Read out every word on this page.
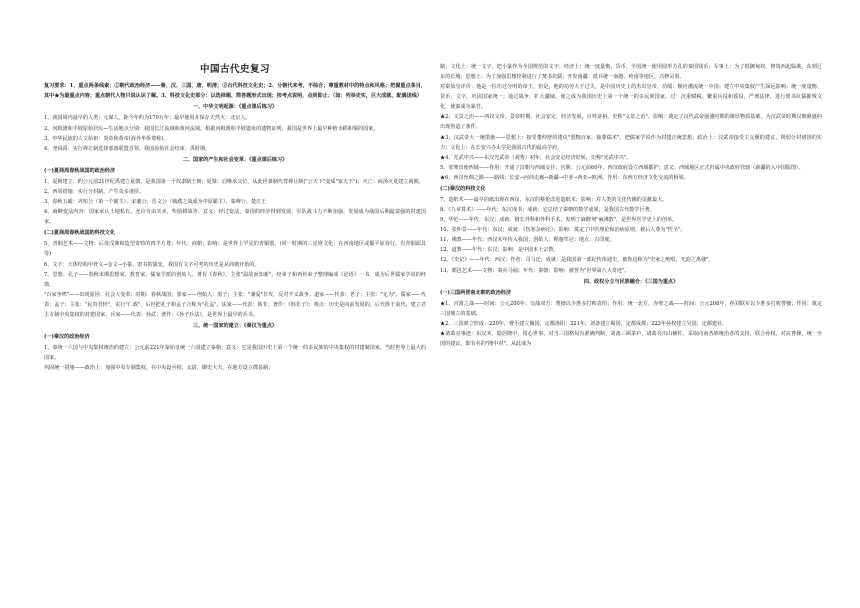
中国古代史复习

复习要求：1、重点两条线索：①朝代政治经济——秦、汉、三国、唐、明清；②古代科技文化史；2、分朝代来考，不综合；尊重教材中的特点和风格；把握重点条目，其中★为最重点内容；重点朝代人物只说认识了解。3、科技文化史部分：以选择题、简答题形式出现；按考点说明，点到即止；（如：列举史实，巨大成就、配偶送线）

一、中华文明起源：《重点课后练习》

1、我国境内最早的人类：元谋人，距今年约为170万年；最早使用并保存天然火：北京人。

2、河姆渡和半坡原始居民—生活地点分别：我国长江流域和黄河流域。根据河姆渡和半坡遗址的遗物证明，我国是世界上最早种植水稻和粟的国家。

3、中华民族的人文始祖：炎帝和黄帝(海外华侨尊称)。

4、尧舜禹：实行禅让制选择部落联盟首领。我国原始社会结束：禹时期。

二、国家的产生和社会变革：《重点课后练习》
(一)夏商周春秋战国的政治经济

1、夏朝建立：约公元前21世纪禹建立夏朝，是我国第一个奴隶制王朝；夏桀：启继承父位，从此世袭制代替禅让制("公天下"变成"家天下")；灭亡：商汤灭夏建立商朝。

2、西周措施：实行分封制，产生众多诸侯。

3、春秋五霸：齐桓公（第一个霸主）、宋襄公、晋文公（城濮之战成为中原霸主）、秦穆公、楚庄王

4、商鞅变法内容：国家承认土地私有，允许自由买卖，奖励耕战等。意义：经过变法，秦国的经济得到发展，军队战斗力不断加强，发展成为战国后期最富强的封建国家。

(二)夏商周春秋战国的科技文化

5、青铜艺术——文物：后母戊鼎和造型奇特的四羊方尊；年代：商朝；影响：是世界上罕见的青铜器。(同一时期的三星堆文化：在西南地区或都平原春行，有青铜面具等)

6、文字：大体结构甲骨文→金文→小篆、隶书的演变。我国有文字可考的历史是从商朝开始的。

7、思想：孔子——春秋末期思想家、教育家，儒家学派的创始人。著有《春秋》，主张"温故而知新"，经弟子和再传弟子整理编成《论语》一书，成为后世儒家学说的经典。

"百家争鸣"——出现原因：社会大变革；时期：春秋战国；墨家——创始人：墨子；主张："兼爱"非攻，反对不义战争。道家——代表：老子；主张："无为"。儒家——代表：孟子；主张："民贵君轻"，实行"仁政"，后世把孔子和孟子合称为"孔孟"。法家——代表：韩非；著作：《韩非子》；观点：历史是向前发展的，后代胜于前代，建立君主专制中央集权的封建国家。兵家——代表：孙武；著作：《孙子兵法》，是世界上最早的兵书。

三、统一国家的建立：《秦汉为重点》
(一)秦汉的政治经济

1、秦统一六国与中央集权统治的建立：公元前221年秦始皇统一六国建立秦朝；意义：它是我国历史上第一个统一的多民族的中央集权的封建制国家，当时世界上最大的国家。

巩固统一措施——政治上：加强中央专制集权，在中央设丞相、太尉、御史大夫，在地方设立郡县制；

制；文化上：统一文字，把小篆作为全国规范的文字；经济上：统一度量衡、货币、全国统一使用圆形方孔的秦国钱币；军事上：为了抵御匈奴，修筑西起临洮，东到辽东的长城；思想上：为了加强思想控制进行了焚书坑儒；开发南疆：派兵统一南越，岭南等地区，兴修灵渠。

对秦始皇评价：他是一位功过分明的帝王。但是，他的功劳大于过失，是中国历史上的杰出皇帝。功绩：顺应潮流统一中国；建立中央集权产生深远影响；统一度量衡、货币、文字，巩固国家统一；通过战争，扩大疆域，使之成为我国历史上第一个统一的多民族国家。过：沉重赋税、繁重兵役和徭役，严刑法律，进行焚书坑儒摧残文化，使秦成为暴君。

★2、文景之治——西汉文帝、景帝时期，社会安定、经济发展，百姓富裕，史称"文景之治"。影响：奠定了汉代武帝强盛时期的雄厚物质基础，为汉武帝时期汉朝鼎盛的出现创造了条件。

★3、汉武帝大一统措施——思想上：接受董仲舒的建议"罢黜百家，独尊儒术"，把儒家学说作为封建正统思想；政治上：汉武帝接受主父偃的建议，削弱分封诸国的实力；文化上：在长安兴办太学是我国古代的最高学府。

★4、光武中兴——东汉光武帝（刘秀）初年，社会安定经济好转，史称"光武中兴"。

5、张骞出使西域——作用：开通了汉朝与西域交往；官职：公元前60年，西汉政府设立西域都护；意义：西域地区正式归属中央政府管辖（新疆的入中国版图）。

★6、西汉丝绸之路——路线：长安→河西走廊→新疆→中亚→西亚→欧洲。作用：东西方经济文化交流的桥梁。

(二)秦汉的科技文化

7、造纸术——最早的纸出现在西汉，东汉的蔡伦改进造纸术；影响：对人类的文化传播的贡献最大。

8、《九章算术》——年代：东汉成书；成就：它总结了秦朝的数学成果，是我国古代数学巨著。

9、华佗——年代：东汉；成就：擅长外科和外科手术，发明了麻醉剂"麻沸散"，是世界医学史上的创举。

10、张仲景——年代：东汉；成就：《伤寒杂病论》；影响：奠定了中医理论和治病原则，被后人尊为"医圣"。

11、佛教——年代：西汉末年传入我国；创始人：释迦牟尼；地点：古印度。

12、道教——年代：东汉；影响：是中国本土宗教。

12、《史记》——年代：西汉；作者：司马迁；成就：是我国第一部纪传体通史，被鲁迅称为"史家之绝唱，无韵之离骚"。

13、都邑艺术——文物：秦兵马俑；年代：秦朝；影响：被誉为"世界第八大奇迹"。

四、政权分立与民族融合：《三国为重点》
(一)三国两晋南北朝的政治经济

★1、官渡之战——时间：公元200年；交战双方：曹操以少胜多打败袁绍；作用：统一北方。赤壁之战——时间：公元208年，孙刘联军以少胜多打败曹操；作用：奠定三国鼎立的基础。

★2、三国鼎立形成：220年，曹丕建立魏国，定都洛阳；221年，刘备建立蜀国，定都成都；222年孙权建立吴国，定都建业。

★诸葛亮事迹：东汉末，隐居隆中，留心世事，对当三国格局有准确判断，刘备三顾茅庐，诸葛亮出山辅佐，采取向南各族统治者的支持，联合孙权，对抗曹操，统一全国的建议，即有名的"隆中对"。从此成为
